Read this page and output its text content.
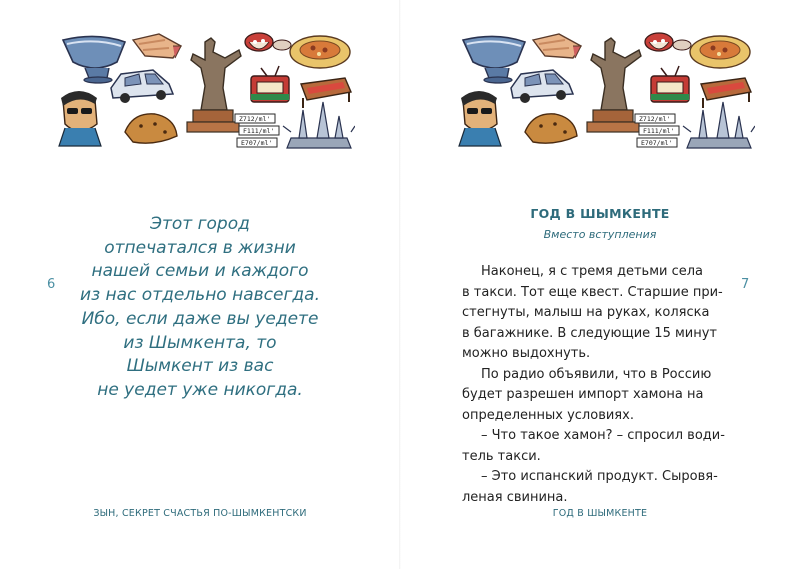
Z712/ml'
F111/ml'
E707/ml'
6
Этот город
отпечатался в жизни
нашей семьи и каждого
из нас отдельно навсегда.
Ибо, если даже вы уедете
из Шымкента, то
Шымкент из вас
не уедет уже никогда.
ЗЫН, СЕКРЕТ СЧАСТЬЯ ПО-ШЫМКЕНТСКИ
Z712/ml'
F111/ml'
E707/ml'
7
ГОД В ШЫМКЕНТЕ
Вместо вступления
Наконец, я с тремя детьми села
в такси. Тот еще квест. Старшие при-
стегнуты, малыш на руках, коляска
в багажнике. В следующие 15 минут
можно выдохнуть.
По радио объявили, что в Россию
будет разрешен импорт хамона на
определенных условиях.
– Что такое хамон? – спросил води-
тель такси.
– Это испанский продукт. Сыровя-
леная свинина.
ГОД В ШЫМКЕНТЕ
